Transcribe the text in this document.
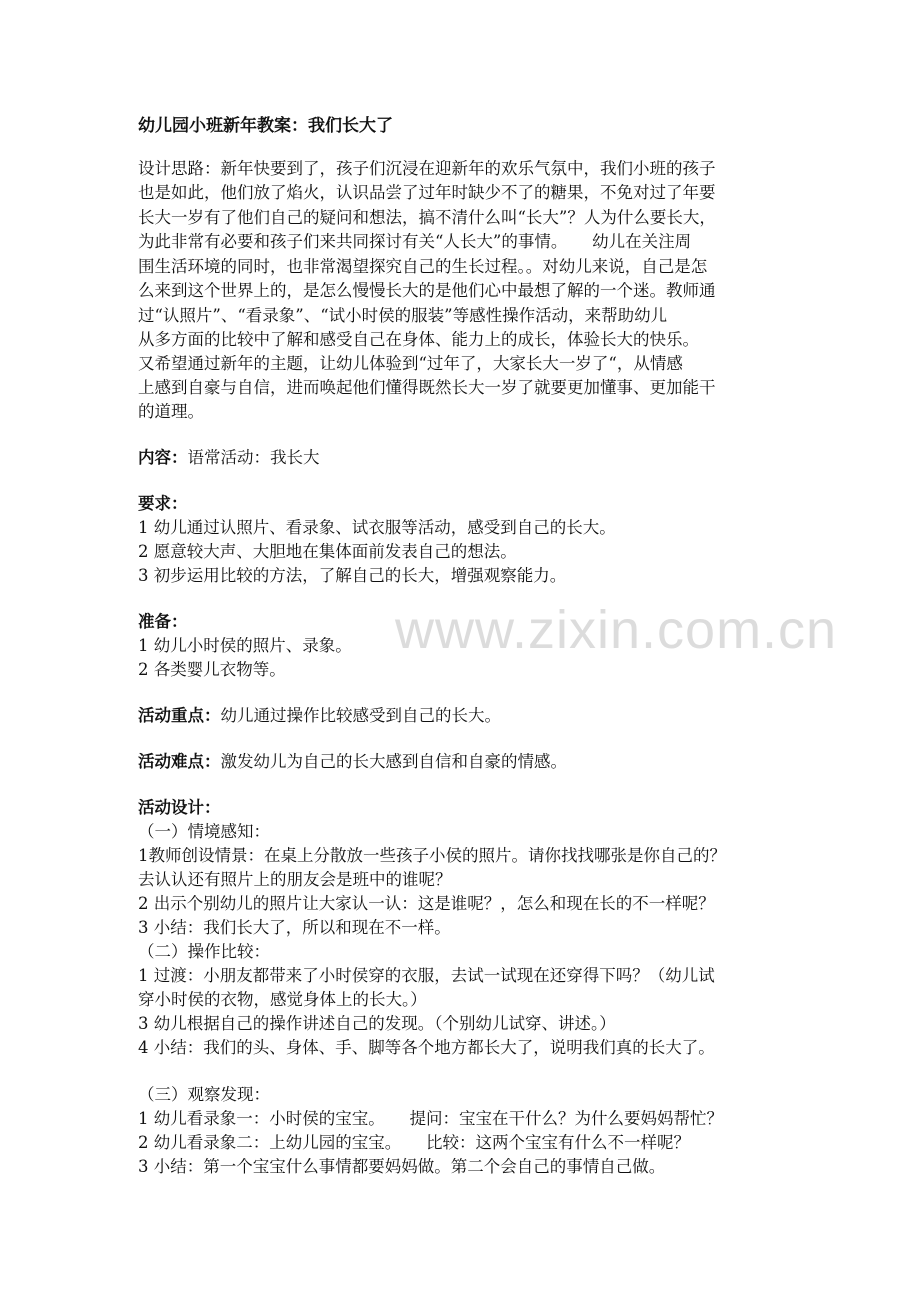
www.zixin.com.cn
幼儿园小班新年教案：我们长大了
设计思路：新年快要到了，孩子们沉浸在迎新年的欢乐气氛中，我们小班的孩子
也是如此，他们放了焰火，认识品尝了过年时缺少不了的糖果，不免对过了年要
长大一岁有了他们自己的疑问和想法，搞不清什么叫“长大”？人为什么要长大，
为此非常有必要和孩子们来共同探讨有关“人长大”的事情。　　幼儿在关注周
围生活环境的同时，也非常渴望探究自己的生长过程。。对幼儿来说，自己是怎
么来到这个世界上的，是怎么慢慢长大的是他们心中最想了解的一个迷。教师通
过“认照片”、“看录象”、“试小时侯的服装”等感性操作活动，来帮助幼儿
从多方面的比较中了解和感受自己在身体、能力上的成长，体验长大的快乐。
又希望通过新年的主题，让幼儿体验到“过年了，大家长大一岁了“，从情感
上感到自豪与自信，进而唤起他们懂得既然长大一岁了就要更加懂事、更加能干
的道理。
内容：语常活动：我长大
要求：
1 幼儿通过认照片、看录象、试衣服等活动，感受到自己的长大。
2 愿意较大声、大胆地在集体面前发表自己的想法。
3 初步运用比较的方法，了解自己的长大，增强观察能力。
准备：
1 幼儿小时侯的照片、录象。
2 各类婴儿衣物等。
活动重点：幼儿通过操作比较感受到自己的长大。
活动难点：激发幼儿为自己的长大感到自信和自豪的情感。
活动设计：
（一）情境感知：
1教师创设情景：在桌上分散放一些孩子小侯的照片。请你找找哪张是你自己的？
去认认还有照片上的朋友会是班中的谁呢？
2 出示个别幼儿的照片让大家认一认：这是谁呢？，怎么和现在长的不一样呢？
3 小结：我们长大了，所以和现在不一样。
（二）操作比较：
1 过渡：小朋友都带来了小时侯穿的衣服，去试一试现在还穿得下吗？（幼儿试
穿小时侯的衣物，感觉身体上的长大。）
3 幼儿根据自己的操作讲述自己的发现。（个别幼儿试穿、讲述。）
4 小结：我们的头、身体、手、脚等各个地方都长大了，说明我们真的长大了。
（三）观察发现：
1 幼儿看录象一：小时侯的宝宝。　　提问：宝宝在干什么？为什么要妈妈帮忙？
2 幼儿看录象二：上幼儿园的宝宝。　　比较：这两个宝宝有什么不一样呢？
3 小结：第一个宝宝什么事情都要妈妈做。第二个会自己的事情自己做。
